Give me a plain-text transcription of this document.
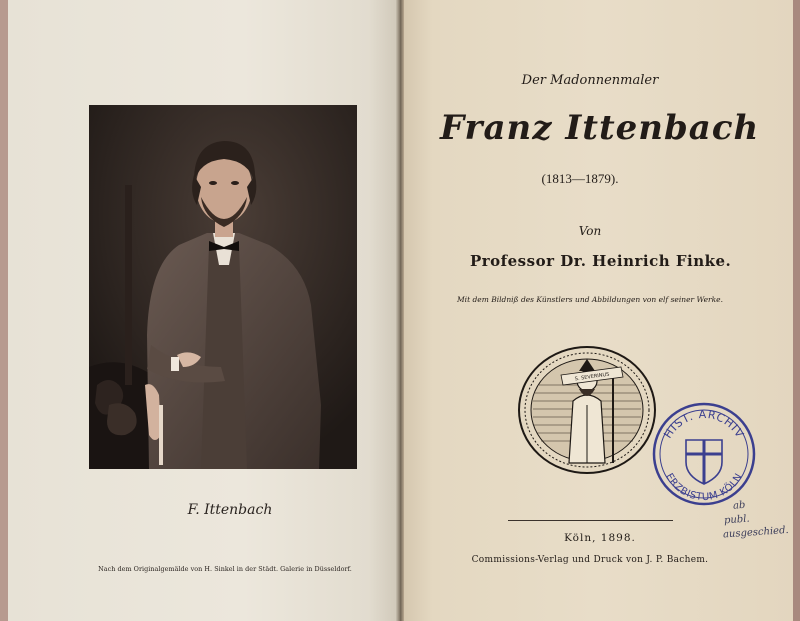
F. Ittenbach
Nach dem Originalgemälde von H. Sinkel in der Städt. Galerie in Düsseldorf.
Der Madonnenmaler
Franz Ittenbach
(1813—1879).
Von
Professor Dr. Heinrich Finke.
Mit dem Bildniß des Künstlers und Abbildungen von elf seiner Werke.
S. SEVERINUS
HIST. ARCHIV
ERZBISTUM KÖLN
ab
publ.
ausgeschied.
Köln, 1898.
Commissions-Verlag und Druck von J. P. Bachem.
